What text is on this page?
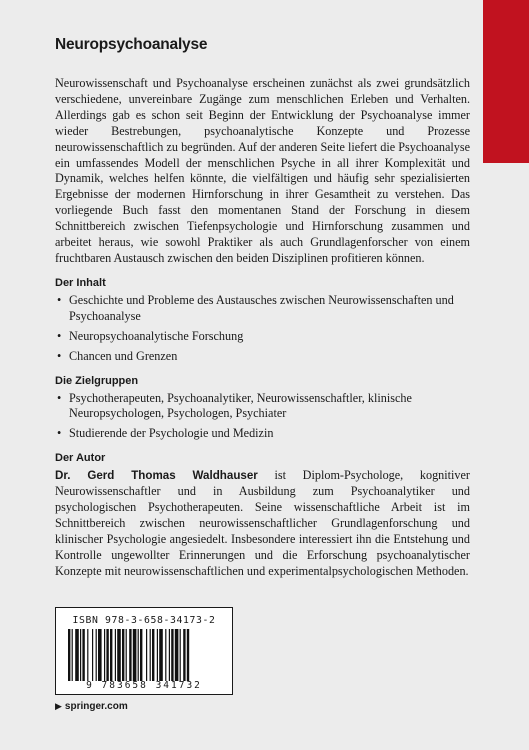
Neuropsychoanalyse

Neurowissenschaft und Psychoanalyse erscheinen zunächst als zwei grundsätzlich verschiedene, unvereinbare Zugänge zum menschlichen Erleben und Verhalten. Allerdings gab es schon seit Beginn der Entwicklung der Psychoanalyse immer wieder Bestrebungen, psychoanalytische Konzepte und Prozesse neurowissenschaftlich zu begründen. Auf der anderen Seite liefert die Psychoanalyse ein umfassendes Modell der menschlichen Psyche in all ihrer Komplexität und Dynamik, welches helfen könnte, die vielfältigen und häufig sehr spezialisierten Ergebnisse der modernen Hirnforschung in ihrer Gesamtheit zu verstehen. Das vorliegende Buch fasst den momentanen Stand der Forschung in diesem Schnittbereich zwischen Tiefenpsychologie und Hirnforschung zusammen und arbeitet heraus, wie sowohl Praktiker als auch Grundlagenforscher von einem fruchtbaren Austausch zwischen den beiden Disziplinen profitieren können.

Der Inhalt
• Geschichte und Probleme des Austausches zwischen Neurowissenschaften und Psychoanalyse
• Neuropsychoanalytische Forschung
• Chancen und Grenzen
Die Zielgruppen
• Psychotherapeuten, Psychoanalytiker, Neurowissenschaftler, klinische Neuropsychologen, Psychologen, Psychiater
• Studierende der Psychologie und Medizin
Der Autor

Dr. Gerd Thomas Waldhauser ist Diplom-Psychologe, kognitiver Neurowissenschaftler und in Ausbildung zum Psychoanalytiker und psychologischen Psychotherapeuten. Seine wissenschaftliche Arbeit ist im Schnittbereich zwischen neurowissenschaftlicher Grundlagenforschung und klinischer Psychologie angesiedelt. Insbesondere interessiert ihn die Entstehung und Kontrolle ungewollter Erinnerungen und die Erforschung psychoanalytischer Konzepte mit neurowissenschaftlichen und experimentalpsychologischen Methoden.

ISBN 978-3-658-34173-2
9 783658 341732
▶ springer.com
